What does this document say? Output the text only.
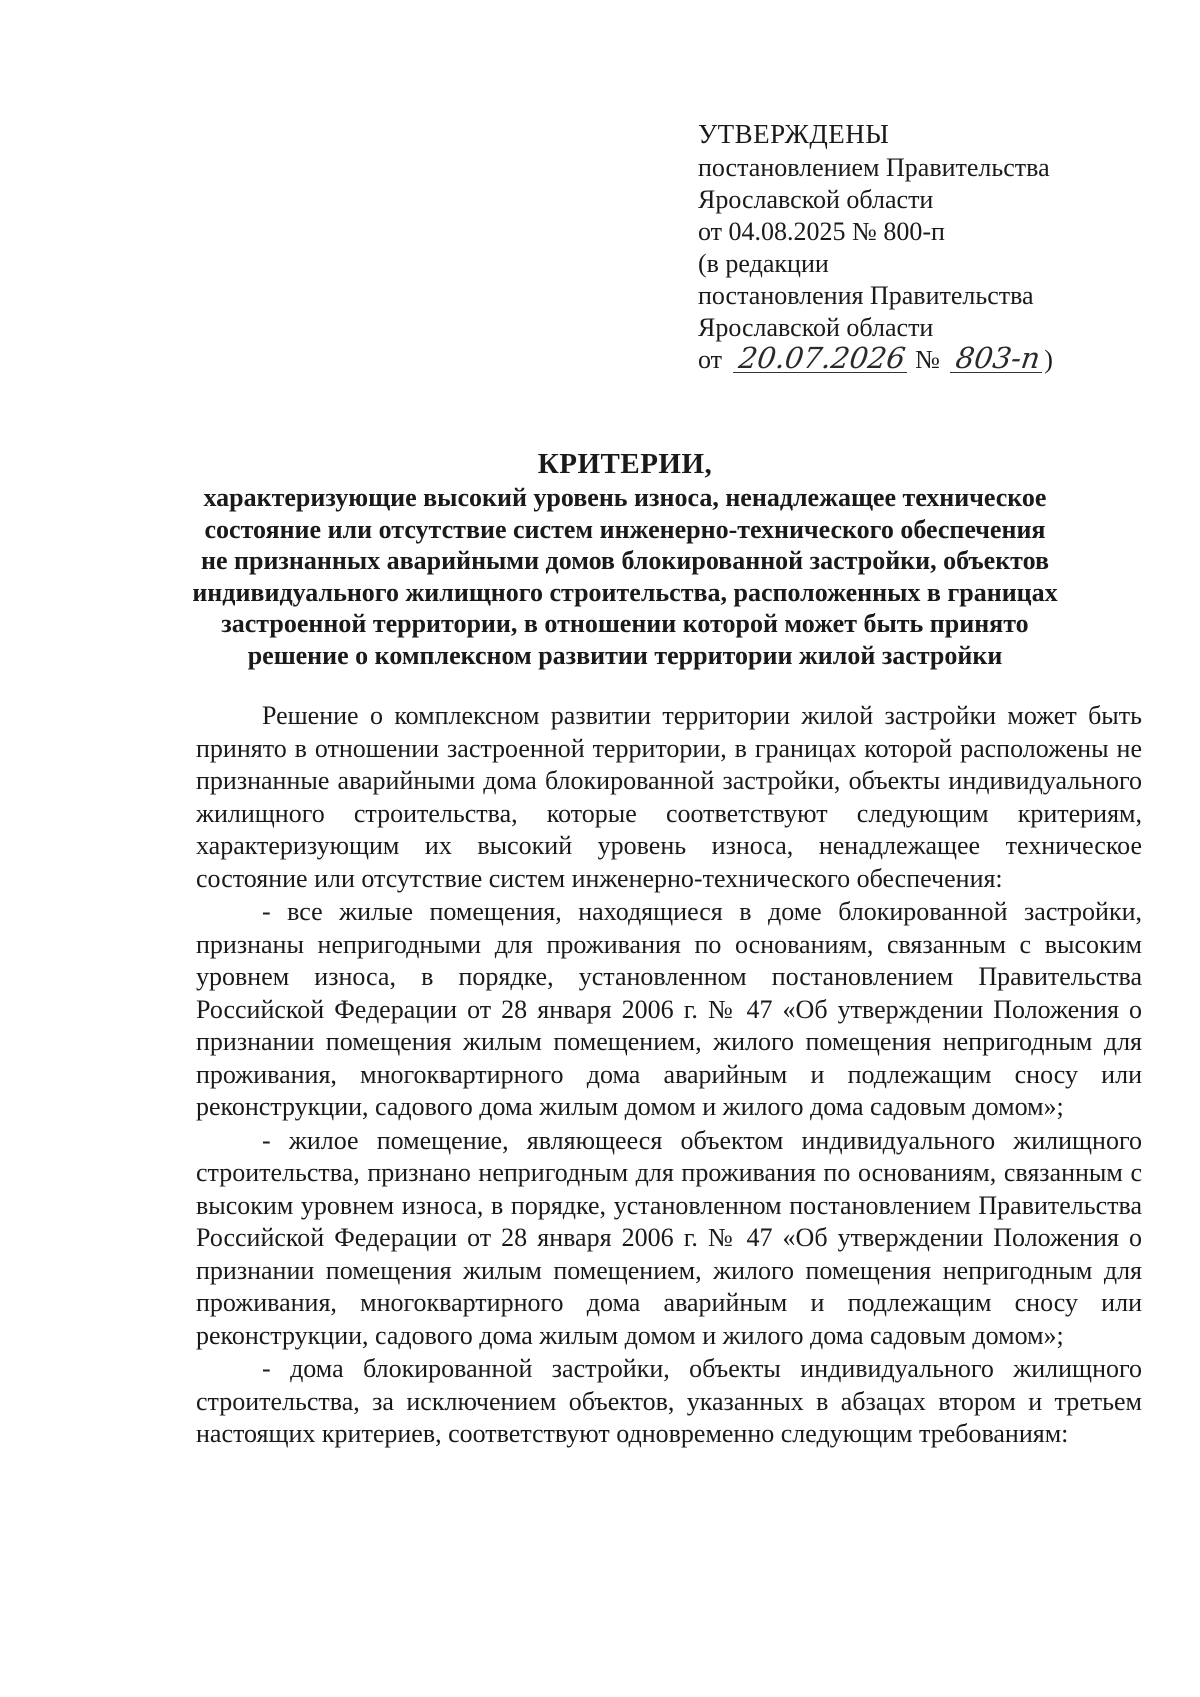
УТВЕРЖДЕНЫ
постановлением Правительства
Ярославской области
от 04.08.2025 № 800-п
(в редакции
постановления Правительства
Ярославской области
от 20.07.2026 № 803-п)
КРИТЕРИИ,
характеризующие высокий уровень износа, ненадлежащее техническое
состояние или отсутствие систем инженерно-технического обеспечения
не признанных аварийными домов блокированной застройки, объектов
индивидуального жилищного строительства, расположенных в границах
застроенной территории, в отношении которой может быть принято
решение о комплексном развитии территории жилой застройки

Решение о комплексном развитии территории жилой застройки может быть принято в отношении застроенной территории, в границах которой расположены не признанные аварийными дома блокированной застройки, объекты индивидуального жилищного строительства, которые соответствуют следующим критериям, характеризующим их высокий уровень износа, ненадлежащее техническое состояние или отсутствие систем инженерно-технического обеспечения:

- все жилые помещения, находящиеся в доме блокированной застройки, признаны непригодными для проживания по основаниям, связанным с высоким уровнем износа, в порядке, установленном постановлением Правительства Российской Федерации от 28 января 2006 г. № 47 «Об утверждении Положения о признании помещения жилым помещением, жилого помещения непригодным для проживания, многоквартирного дома аварийным и подлежащим сносу или реконструкции, садового дома жилым домом и жилого дома садовым домом»;

- жилое помещение, являющееся объектом индивидуального жилищного строительства, признано непригодным для проживания по основаниям, связанным с высоким уровнем износа, в порядке, установленном постановлением Правительства Российской Федерации от 28 января 2006 г. № 47 «Об утверждении Положения о признании помещения жилым помещением, жилого помещения непригодным для проживания, многоквартирного дома аварийным и подлежащим сносу или реконструкции, садового дома жилым домом и жилого дома садовым домом»;

- дома блокированной застройки, объекты индивидуального жилищного строительства, за исключением объектов, указанных в абзацах втором и третьем настоящих критериев, соответствуют одновременно следующим требованиям:
